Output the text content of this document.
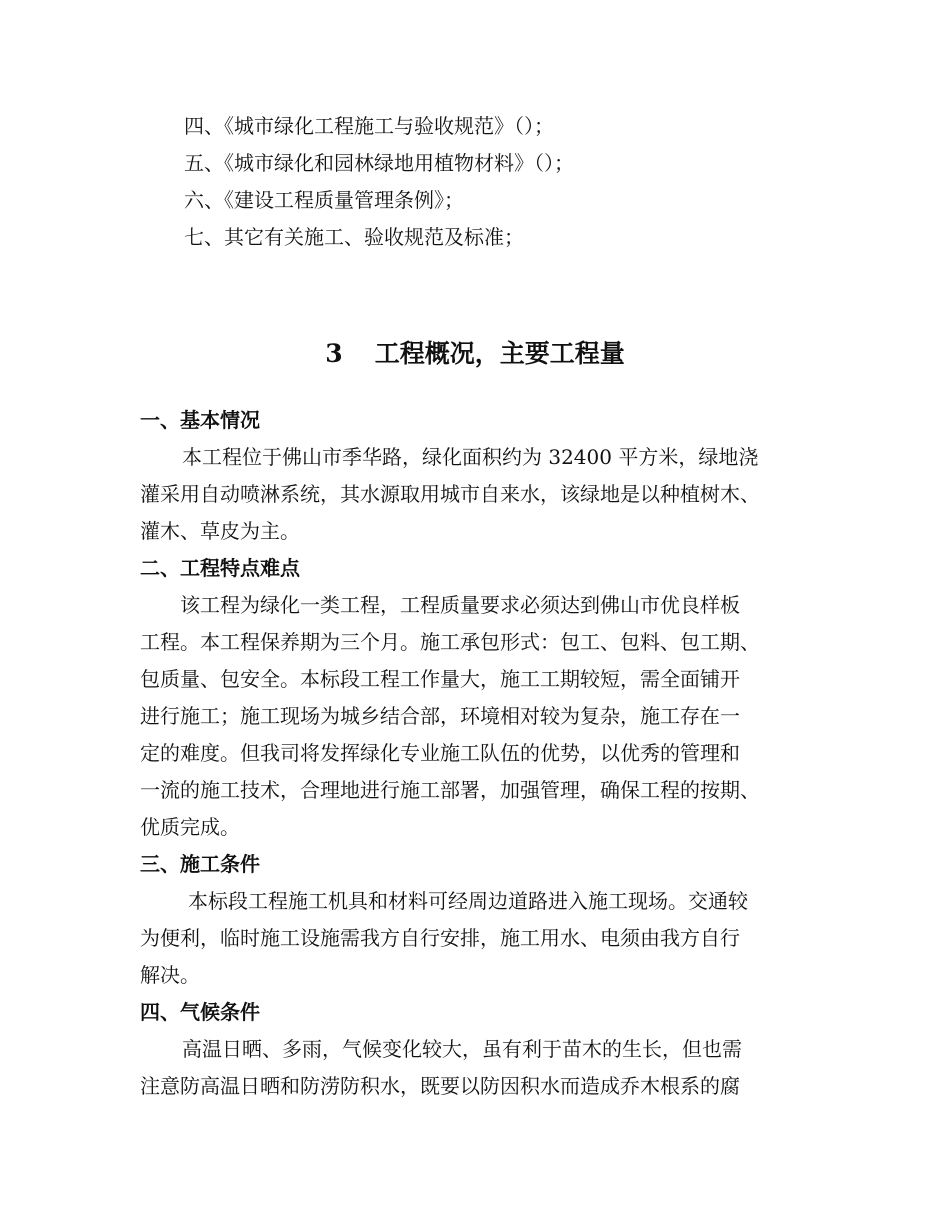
四、《城市绿化工程施工与验收规范》（）；
五、《城市绿化和园林绿地用植物材料》（）；
六、《建设工程质量管理条例》；
七、其它有关施工、验收规范及标准；
3 工程概况，主要工程量
一、基本情况
本工程位于佛山市季华路，绿化面积约为 32400 平方米，绿地浇
灌采用自动喷淋系统，其水源取用城市自来水，该绿地是以种植树木、
灌木、草皮为主。
二、工程特点难点
该工程为绿化一类工程，工程质量要求必须达到佛山市优良样板
工程。本工程保养期为三个月。施工承包形式：包工、包料、包工期、
包质量、包安全。本标段工程工作量大，施工工期较短，需全面铺开
进行施工；施工现场为城乡结合部，环境相对较为复杂，施工存在一
定的难度。但我司将发挥绿化专业施工队伍的优势，以优秀的管理和
一流的施工技术，合理地进行施工部署，加强管理，确保工程的按期、
优质完成。
三、施工条件
本标段工程施工机具和材料可经周边道路进入施工现场。交通较
为便利，临时施工设施需我方自行安排，施工用水、电须由我方自行
解决。
四、气候条件
高温日晒、多雨，气候变化较大，虽有利于苗木的生长，但也需
注意防高温日晒和防涝防积水，既要以防因积水而造成乔木根系的腐
